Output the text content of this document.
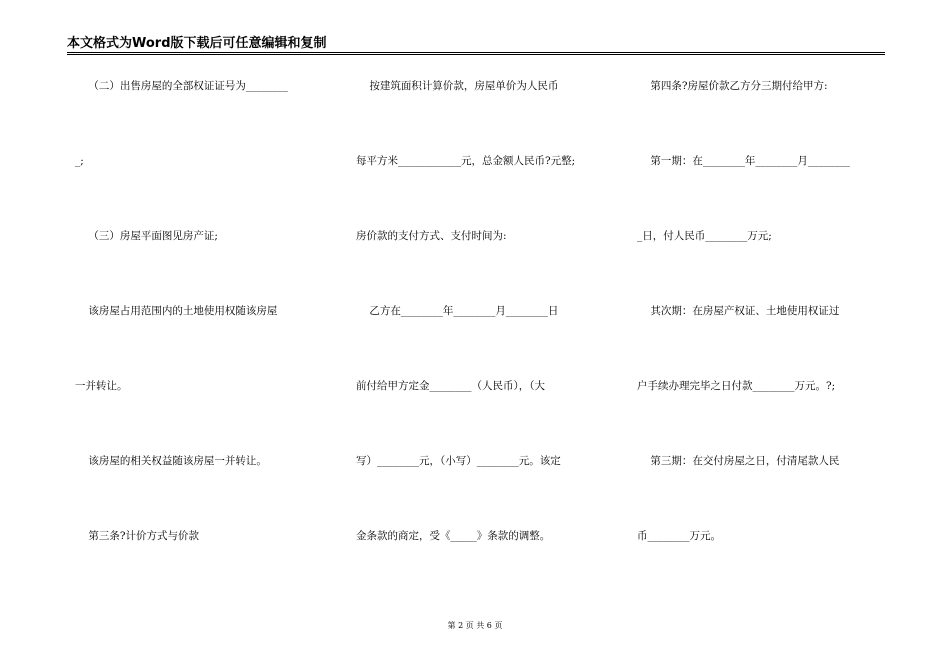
本文格式为Word版下载后可任意编辑和复制
（二）出售房屋的全部权证证号为________
_;
（三）房屋平面图见房产证;
该房屋占用范围内的土地使用权随该房屋
一并转让。
该房屋的相关权益随该房屋一并转让。
第三条?计价方式与价款
按建筑面积计算价款，房屋单价为人民币
每平方米____________元，总金额人民币?元整;
房价款的支付方式、支付时间为:
乙方在________年________月________日
前付给甲方定金________（人民币），（大
写）________元，（小写）________元。该定
金条款的商定，受《_____》条款的调整。
第四条?房屋价款乙方分三期付给甲方:
第一期：在________年________月________
_日，付人民币________万元;
其次期：在房屋产权证、土地使用权证过
户手续办理完毕之日付款________万元。?;
第三期：在交付房屋之日，付清尾款人民
币________万元。
第 2 页 共 6 页
